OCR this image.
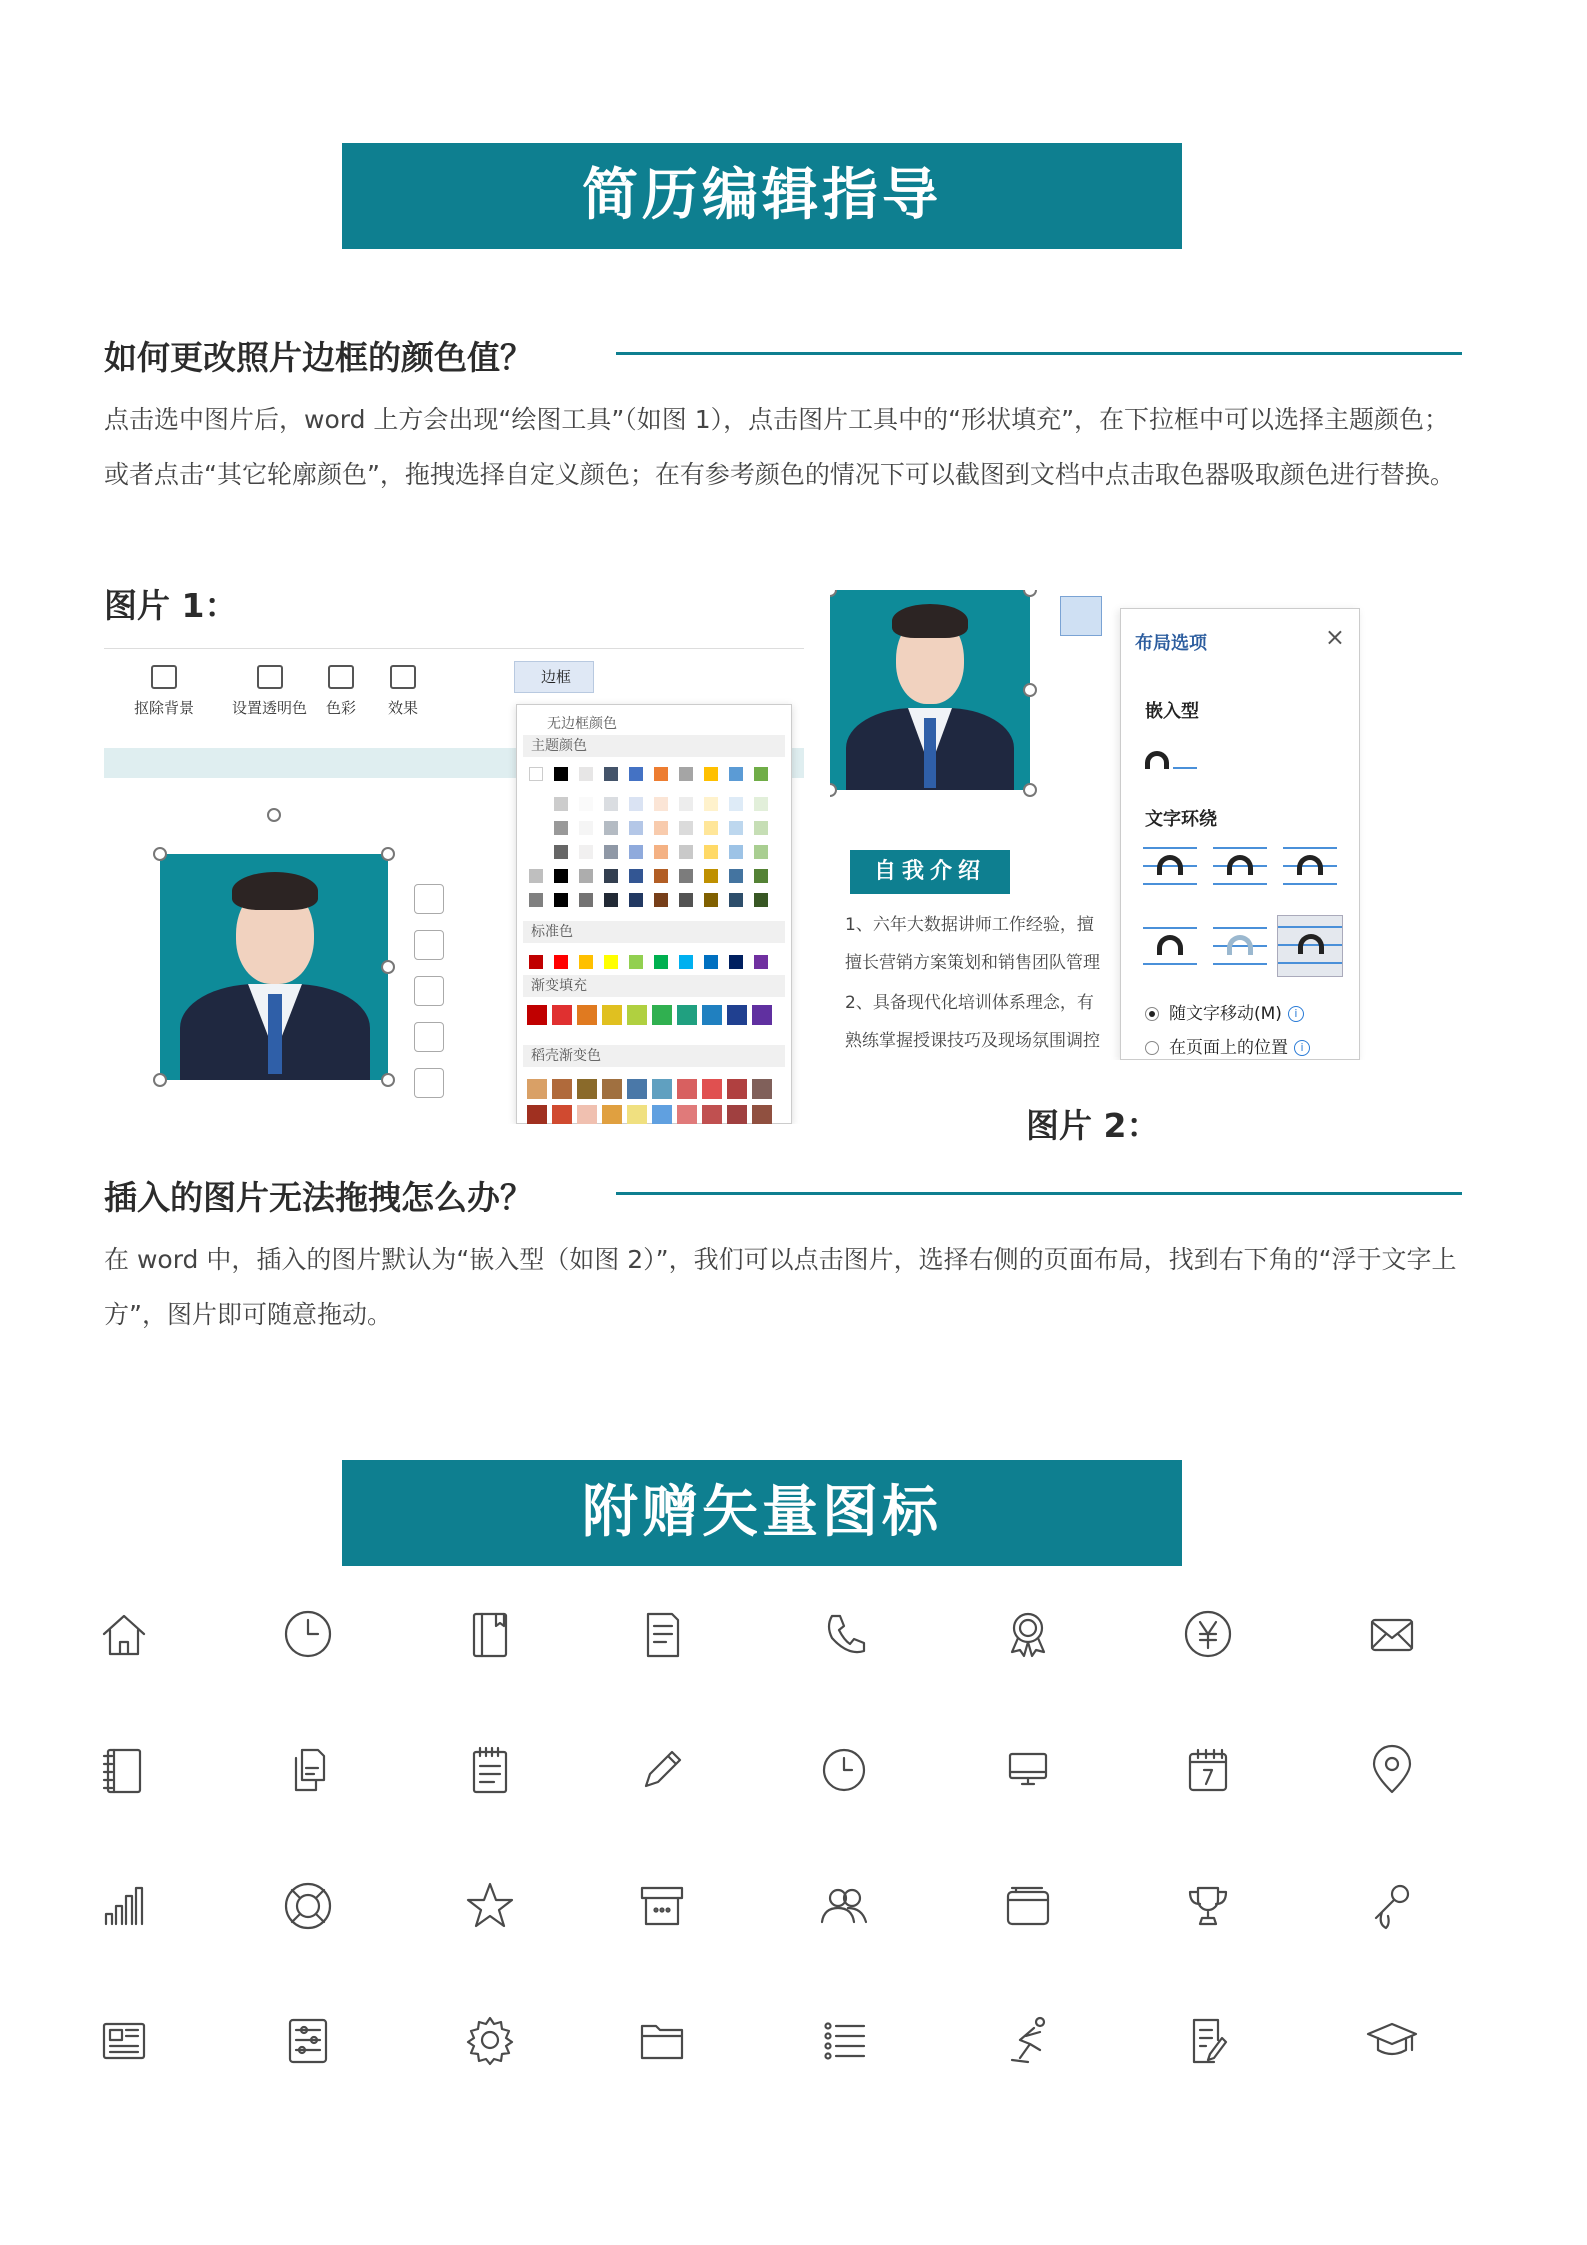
简历编辑指导
如何更改照片边框的颜色值？
点击选中图片后，word 上方会出现“绘图工具”（如图 1），点击图片工具中的“形状填充”，在下拉框中可以选择主题颜色；或者点击“其它轮廓颜色”，拖拽选择自定义颜色；在有参考颜色的情况下可以截图到文档中点击取色器吸取颜色进行替换。
图片 1：
抠除背景	设置透明色 色彩 效果
边框
无边框颜色
主题颜色
标准色
渐变填充
稻壳渐变色
自我介绍
1、六年大数据讲师工作经验，擅
擅长营销方案策划和销售团队管理
2、具备现代化培训体系理念，有
熟练掌握授课技巧及现场氛围调控
布局选项	×
嵌入型
文字环绕
随文字移动(M) i
在页面上的位置 i
图片 2：
插入的图片无法拖拽怎么办？
在 word 中，插入的图片默认为“嵌入型（如图 2）”，我们可以点击图片，选择右侧的页面布局，找到右下角的“浮于文字上方”，图片即可随意拖动。
附赠矢量图标
